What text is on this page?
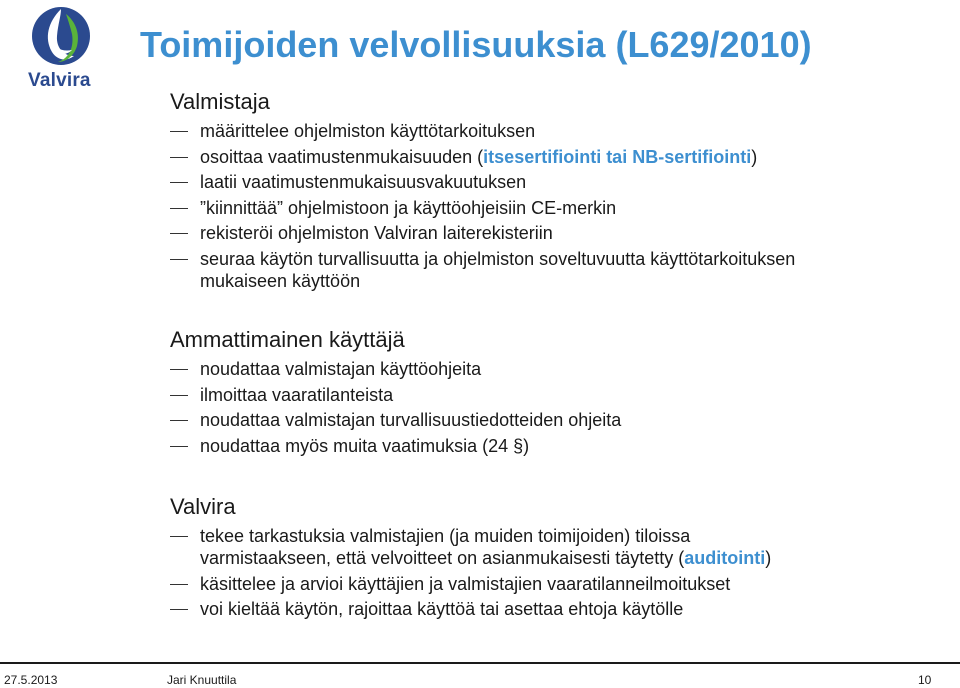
Valvira
Toimijoiden velvollisuuksia (L629/2010)
Valmistaja
määrittelee ohjelmiston käyttötarkoituksen
osoittaa vaatimustenmukaisuuden (itsesertifiointi tai NB-sertifiointi)
laatii vaatimustenmukaisuusvakuutuksen
”kiinnittää” ohjelmistoon ja käyttöohjeisiin CE-merkin
rekisteröi ohjelmiston Valviran laiterekisteriin
seuraa käytön turvallisuutta ja ohjelmiston soveltuvuutta käyttötarkoituksen
mukaiseen käyttöön
Ammattimainen käyttäjä
noudattaa valmistajan käyttöohjeita
ilmoittaa vaaratilanteista
noudattaa valmistajan turvallisuustiedotteiden ohjeita
noudattaa myös muita vaatimuksia (24 §)
Valvira
tekee tarkastuksia valmistajien (ja muiden toimijoiden) tiloissa
varmistaakseen, että velvoitteet on asianmukaisesti täytetty (auditointi)
käsittelee ja arvioi käyttäjien ja valmistajien vaaratilanneilmoitukset
voi kieltää käytön, rajoittaa käyttöä tai asettaa ehtoja käytölle
27.5.2013	Jari Knuuttila	10
